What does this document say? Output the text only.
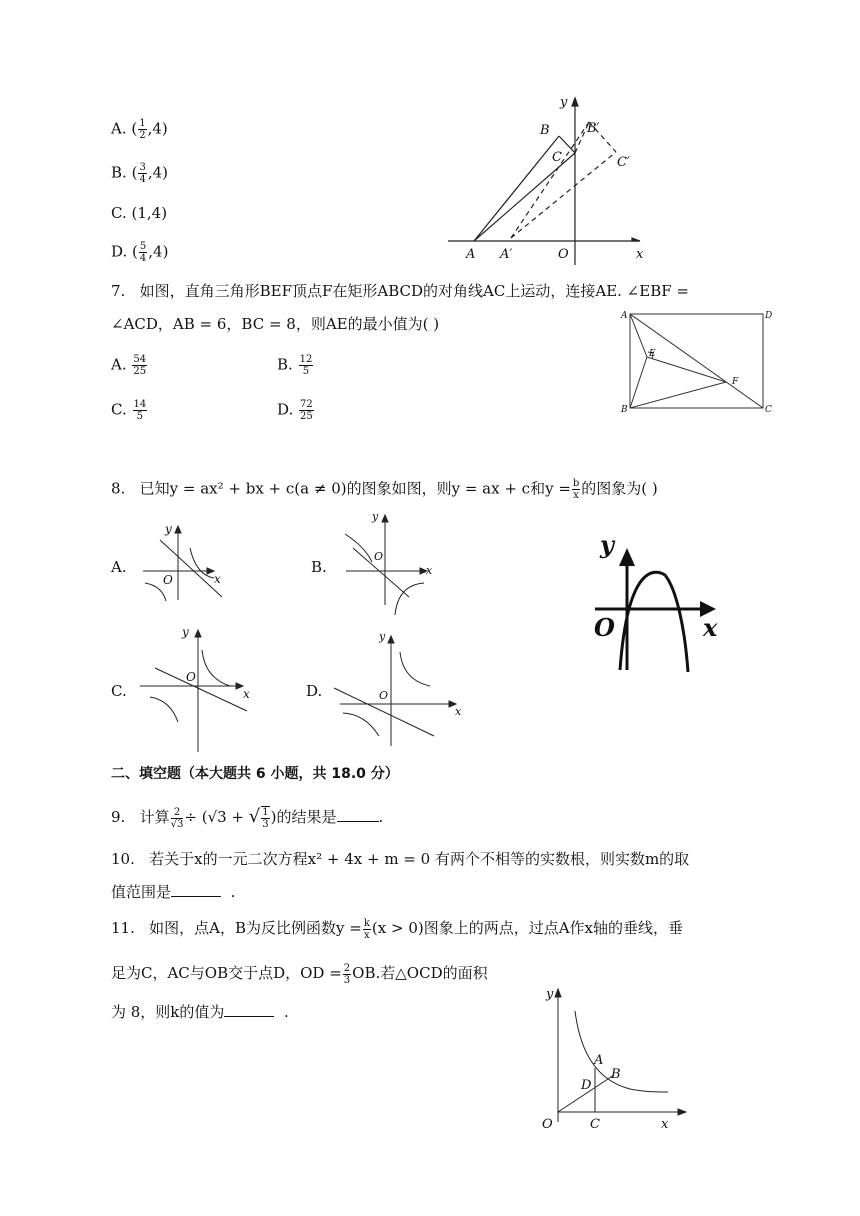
A. ( $\frac{1}{2} ,4$)
B. ( $\frac{3}{4} ,4$)
C. (1,4)
D. ( $\frac{5}{4} ,4$)
y
x
B	B′
C	C′
A A′	O
7. 如图，直角三角形BEF顶点F在矩形ABCD的对角线AC上运动，连接AE. ∠EBF =
∠ACD，AB = 6，BC = 8，则AE的最小值为( )
A. $\frac{54}{25}$	B. $\frac{12}{5}$
C. $\frac{14}{5}$	D. $\frac{72}{25}$
A	D
E
F
B	C
8. 已知y = ax² + bx + c(a ≠ 0)的图象如图，则y = ax + c和$y = \frac{b}{x}$ 的图象为( )
A.	B.
C.	D.
y
x
O
y
x
O
y
x
O
y
x
O
y
x
O
二、填空题（本大题共 6 小题，共 18.0 分）
9. 计算 $\frac{2}{√3} \div (√3$ + √ $\frac{1}{3}$ )的结果是	.
10. 若关于x的一元二次方程x² + 4x + m = 0 有两个不相等的实数根，则实数m的取
值范围是	.
11. 如图，点A，B为反比例函数$y = \frac{k}{x} (x > 0)$图象上的两点，过点A作x轴的垂线，垂
足为C，AC与OB交于点D，OD = $\frac{2}{3}$ OB.若△OCD的面积
为 8，则k的值为	.
y
x
O	C
D
A
B
